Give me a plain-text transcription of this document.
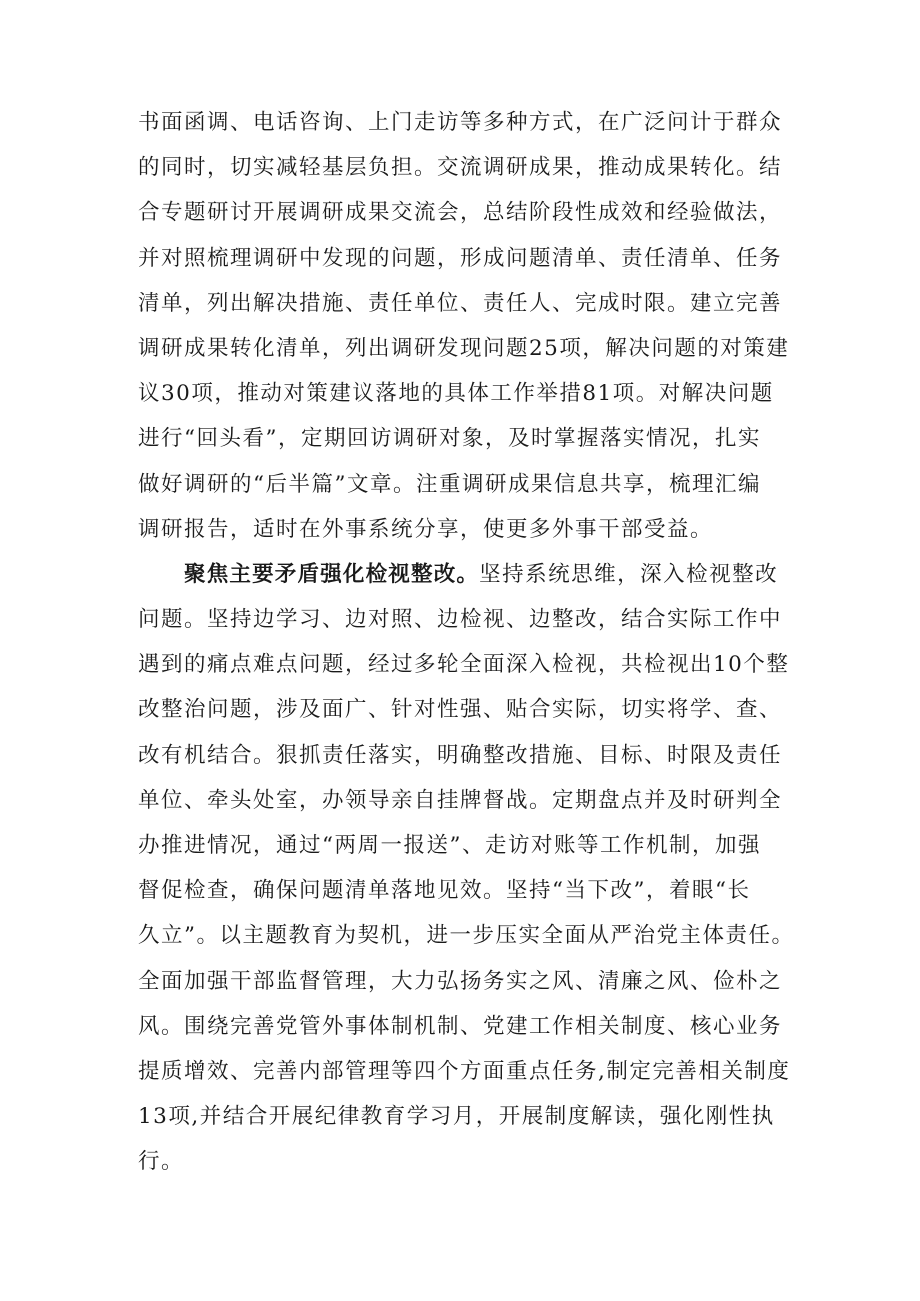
书面函调、电话咨询、上门走访等多种方式，在广泛问计于群众
的同时，切实减轻基层负担。交流调研成果，推动成果转化。结
合专题研讨开展调研成果交流会，总结阶段性成效和经验做法，
并对照梳理调研中发现的问题，形成问题清单、责任清单、任务
清单，列出解决措施、责任单位、责任人、完成时限。建立完善
调研成果转化清单，列出调研发现问题25项，解决问题的对策建
议30项，推动对策建议落地的具体工作举措81项。对解决问题
进行“回头看”，定期回访调研对象，及时掌握落实情况，扎实
做好调研的“后半篇”文章。注重调研成果信息共享，梳理汇编
调研报告，适时在外事系统分享，使更多外事干部受益。
聚焦主要矛盾强化检视整改。坚持系统思维，深入检视整改
问题。坚持边学习、边对照、边检视、边整改，结合实际工作中
遇到的痛点难点问题，经过多轮全面深入检视，共检视出10个整
改整治问题，涉及面广、针对性强、贴合实际，切实将学、查、
改有机结合。狠抓责任落实，明确整改措施、目标、时限及责任
单位、牵头处室，办领导亲自挂牌督战。定期盘点并及时研判全
办推进情况，通过“两周一报送”、走访对账等工作机制，加强
督促检查，确保问题清单落地见效。坚持“当下改”，着眼“长
久立”。以主题教育为契机，进一步压实全面从严治党主体责任。
全面加强干部监督管理，大力弘扬务实之风、清廉之风、俭朴之
风。围绕完善党管外事体制机制、党建工作相关制度、核心业务
提质增效、完善内部管理等四个方面重点任务,制定完善相关制度
13项,并结合开展纪律教育学习月，开展制度解读，强化刚性执
行。
